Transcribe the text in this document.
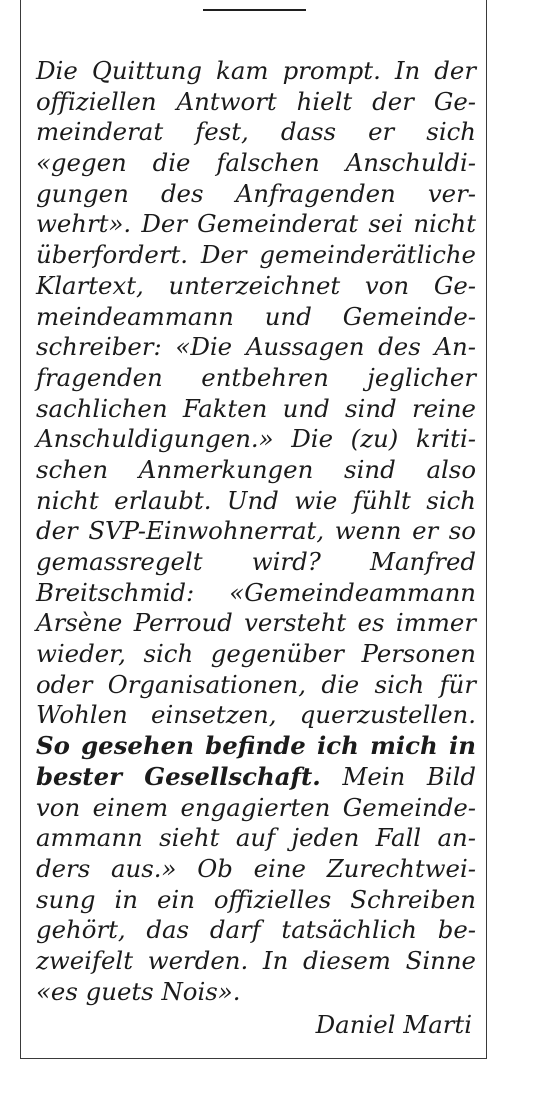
Die Quittung kam prompt. In der
offiziellen Antwort hielt der Ge-
meinderat fest, dass er sich
«gegen die falschen Anschuldi-
gungen des Anfragenden ver-
wehrt». Der Gemeinderat sei nicht
überfordert. Der gemeinderätliche
Klartext, unterzeichnet von Ge-
meindeammann und Gemeinde-
schreiber: «Die Aussagen des An-
fragenden entbehren jeglicher
sachlichen Fakten und sind reine
Anschuldigungen.» Die (zu) kriti-
schen Anmerkungen sind also
nicht erlaubt. Und wie fühlt sich
der SVP-Einwohnerrat, wenn er so
gemassregelt wird? Manfred
Breitschmid: «Gemeindeammann
Arsène Perroud versteht es immer
wieder, sich gegenüber Personen
oder Organisationen, die sich für
Wohlen einsetzen, querzustellen.
So gesehen befinde ich mich in
bester Gesellschaft. Mein Bild
von einem engagierten Gemeinde-
ammann sieht auf jeden Fall an-
ders aus.» Ob eine Zurechtwei-
sung in ein offizielles Schreiben
gehört, das darf tatsächlich be-
zweifelt werden. In diesem Sinne
«es guets Nois».
Daniel Marti
